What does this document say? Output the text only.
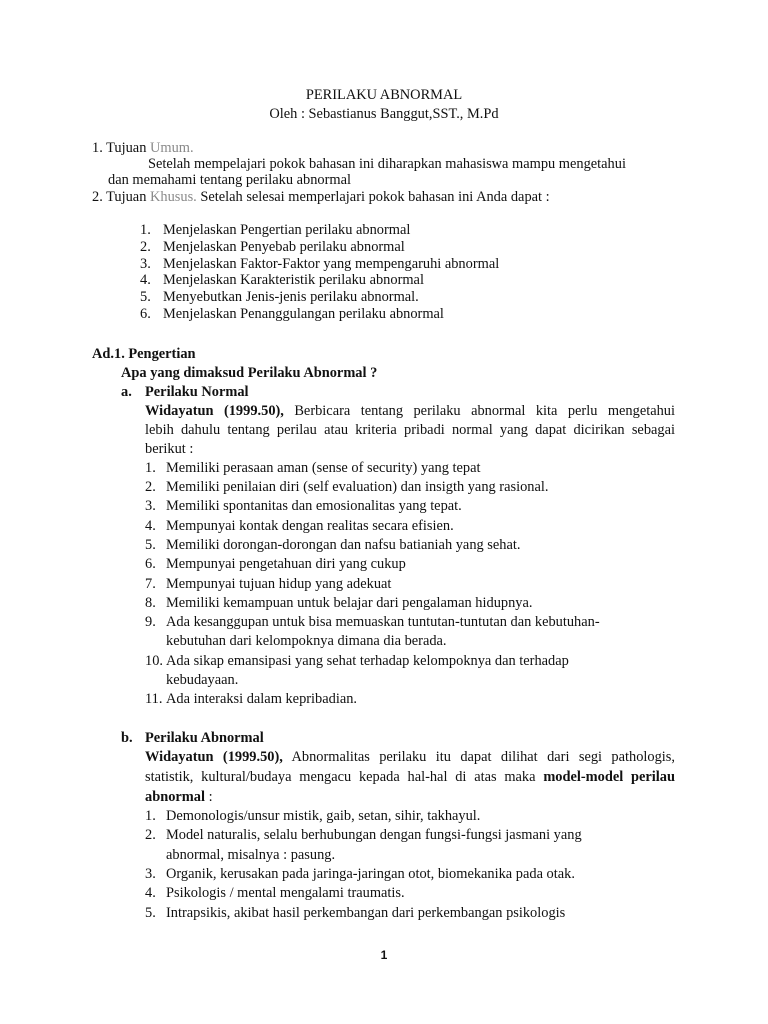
PERILAKU ABNORMAL
Oleh : Sebastianus Banggut,SST., M.Pd
1. Tujuan Umum.
Setelah mempelajari pokok bahasan ini diharapkan mahasiswa mampu mengetahui
dan memahami tentang perilaku abnormal
2. Tujuan Khusus. Setelah selesai memperlajari pokok bahasan ini Anda dapat :
1. Menjelaskan Pengertian perilaku abnormal
2. Menjelaskan Penyebab perilaku abnormal
3. Menjelaskan Faktor-Faktor yang mempengaruhi abnormal
4. Menjelaskan Karakteristik perilaku abnormal
5. Menyebutkan Jenis-jenis perilaku abnormal.
6. Menjelaskan Penanggulangan perilaku abnormal
Ad.1. Pengertian
Apa yang dimaksud Perilaku Abnormal ?
a. Perilaku Normal
Widayatun (1999.50), Berbicara tentang perilaku abnormal kita perlu mengetahui
lebih dahulu tentang perilau atau kriteria pribadi normal yang dapat dicirikan sebagai
berikut :
1. Memiliki perasaan aman (sense of security) yang tepat
2. Memiliki penilaian diri (self evaluation) dan insigth yang rasional.
3. Memiliki spontanitas dan emosionalitas yang tepat.
4. Mempunyai kontak dengan realitas secara efisien.
5. Memiliki dorongan-dorongan dan nafsu batianiah yang sehat.
6. Mempunyai pengetahuan diri yang cukup
7. Mempunyai tujuan hidup yang adekuat
8. Memiliki kemampuan untuk belajar dari pengalaman hidupnya.
9. Ada kesanggupan untuk bisa memuaskan tuntutan-tuntutan dan kebutuhan-
kebutuhan dari kelompoknya dimana dia berada.
10. Ada sikap emansipasi yang sehat terhadap kelompoknya dan terhadap
kebudayaan.
11. Ada interaksi dalam kepribadian.
b. Perilaku Abnormal
Widayatun (1999.50), Abnormalitas perilaku itu dapat dilihat dari segi pathologis,
statistik, kultural/budaya mengacu kepada hal-hal di atas maka model-model perilau
abnormal :
1. Demonologis/unsur mistik, gaib, setan, sihir, takhayul.
2. Model naturalis, selalu berhubungan dengan fungsi-fungsi jasmani yang
abnormal, misalnya : pasung.
3. Organik, kerusakan pada jaringa-jaringan otot, biomekanika pada otak.
4. Psikologis / mental mengalami traumatis.
5. Intrapsikis, akibat hasil perkembangan dari perkembangan psikologis
1
